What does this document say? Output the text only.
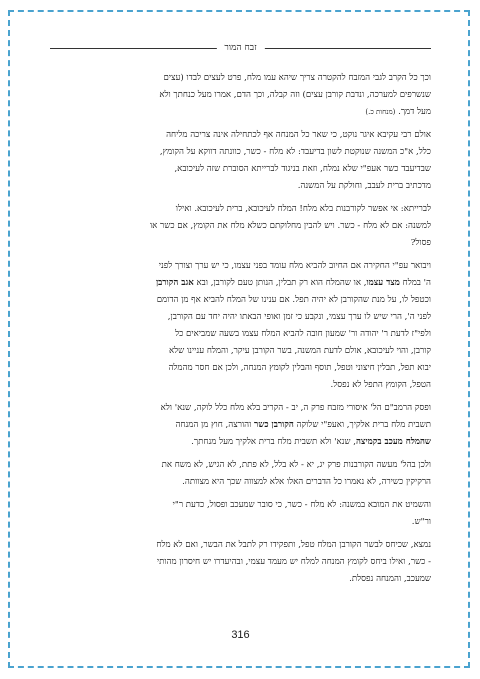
זבח המור

וכך כל הקרב לגבי המזבח להקטרה צריך שיהא עמו מלח, פרט לעצים לבדו (עצים
שנשרפים למערכה, ונדבת קורבן עצים) וזה קבלה, וכך הדם, אמרו מעל כנחתך ולא
מעל דמך. (מנחות כ.)

אולם רבי עקיבא איגר נוקט, כי שאר כל המנחה אף לכתחילה אינה צריכה מליחה
כלל, א"כ המשנה שנוקטת לשון בדיעבד: לא מלח - כשר, כוונתה דווקא על הקומץ,
שבדיעבד כשר אעפ"י שלא נמלח, וזאת בניגוד לברייתא הסוברת שזה לעיכובא,
מדכתיב ברית לעבב, וחולקת על המשנה.

לברייתא: אי אפשר לקורבנות בלא מלח! המלח לעיכובא, ברית לעיכובא. ואילו
למשנה: אם לא מלח - כשר. ויש להבין מחלוקתם כשלא מלח את הקומץ, אם כשר או
פסול?

ויבואר עפ"י החקירה אם החיוב להביא מלח עומד בפני עצמו, כי יש ערך וצורך לפני
ה' במלח מצד עצמו, או שהמלח הוא רק תבלין, הנותן טעם לקורבן, ובא אגב הקורבן
וכטפל לו, על מנת שהקורבן לא יהיה תפל. אם ענינו של המלח להביא אף מן הדומם
לפני ה', הרי שיש לו ערך עצמי, ונקבע כי זמן ואופי הבאתו יהיה יחד עם הקורבן,
ולפי"ז לדעת ר' יהודה ור' שמעון חובה להביא המלח עצמו בשעה שמביאים כל
קורבן, והוי לעיכובא, אולם לדעת המשנה, בשר הקורבן עיקר, והמלח עניינו שלא
יבוא תפל, תבלין חיצוני וטפל, תוסף והבלין לקומץ המנחה, ולכן אם חסר מהמלה
הטפל, הקומץ התפל לא נפסל.

ופסק הרמב"ם הל' איסורי מזבח פרק ה, יב - הקריב בלא מלח כלל לוקה, שנא' ולא
תשבית מלח ברית אלקיך, ואעפ"י שלוקה הקורבן כשר והורצה, חוץ מן המנחה
שהמלח מעכב בקמיצה, שנא' ולא תשבית מלח ברית אלקיך מעל מנחתך.

ולכן בהל' מעשה הקורבנות פרק יג, יא - לא בלל, לא פתת, לא הגיש, לא משח את
הרקיקין כשירה, לא נאמרו כל הדברים האלו אלא למצווה שכך היא מצוותה.

והשמיט את המובא במשנה: לא מלח - כשר, כי סובר שמעכב ופסול, כדעת ר"י
ור"ש.

נמצא, שכיחס לבשר הקורבן המלח טפל, ותפקידו רק לתבל את הבשר, ואם לא מלח
- כשר, ואילו ביחס לקומץ המנחה למלח יש מעמד עצמי, ובהיעדרו יש חיסרון מהותי
שמעכב, והמנחה נפסלת.

316
